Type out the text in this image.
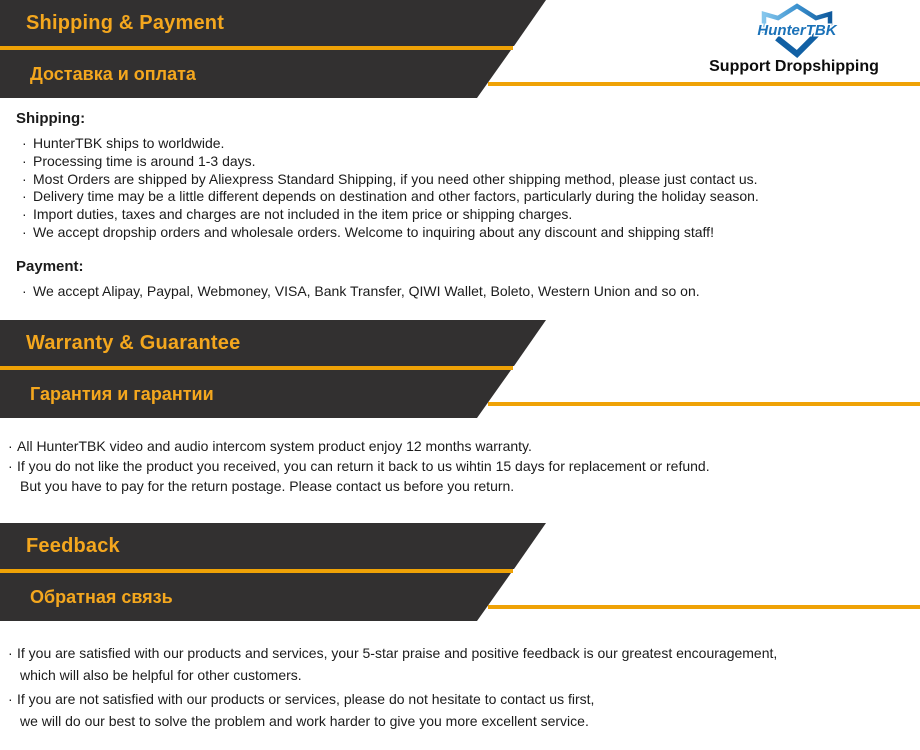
Shipping & Payment
Доставка и оплата
HunterTBK
Support Dropshipping
Shipping:
· HunterTBK ships to worldwide.
· Processing time is around 1-3 days.
· Most Orders are shipped by Aliexpress Standard Shipping, if you need other shipping method, please just contact us.
· Delivery time may be a little different depends on destination and other factors, particularly during the holiday season.
· Import duties, taxes and charges are not included in the item price or shipping charges.
· We accept dropship orders and wholesale orders. Welcome to inquiring about any discount and shipping staff!
Payment:
· We accept Alipay, Paypal, Webmoney, VISA, Bank Transfer, QIWI Wallet, Boleto, Western Union and so on.
Warranty & Guarantee
Гарантия и гарантии
· All HunterTBK video and audio intercom system product enjoy 12 months warranty.
· If you do not like the product you received, you can return it back to us wihtin 15 days for replacement or refund.
But you have to pay for the return postage. Please contact us before you return.
Feedback
Обратная связь
· If you are satisfied with our products and services, your 5-star praise and positive feedback is our greatest encouragement,
which will also be helpful for other customers.
· If you are not satisfied with our products or services, please do not hesitate to contact us first,
we will do our best to solve the problem and work harder to give you more excellent service.
